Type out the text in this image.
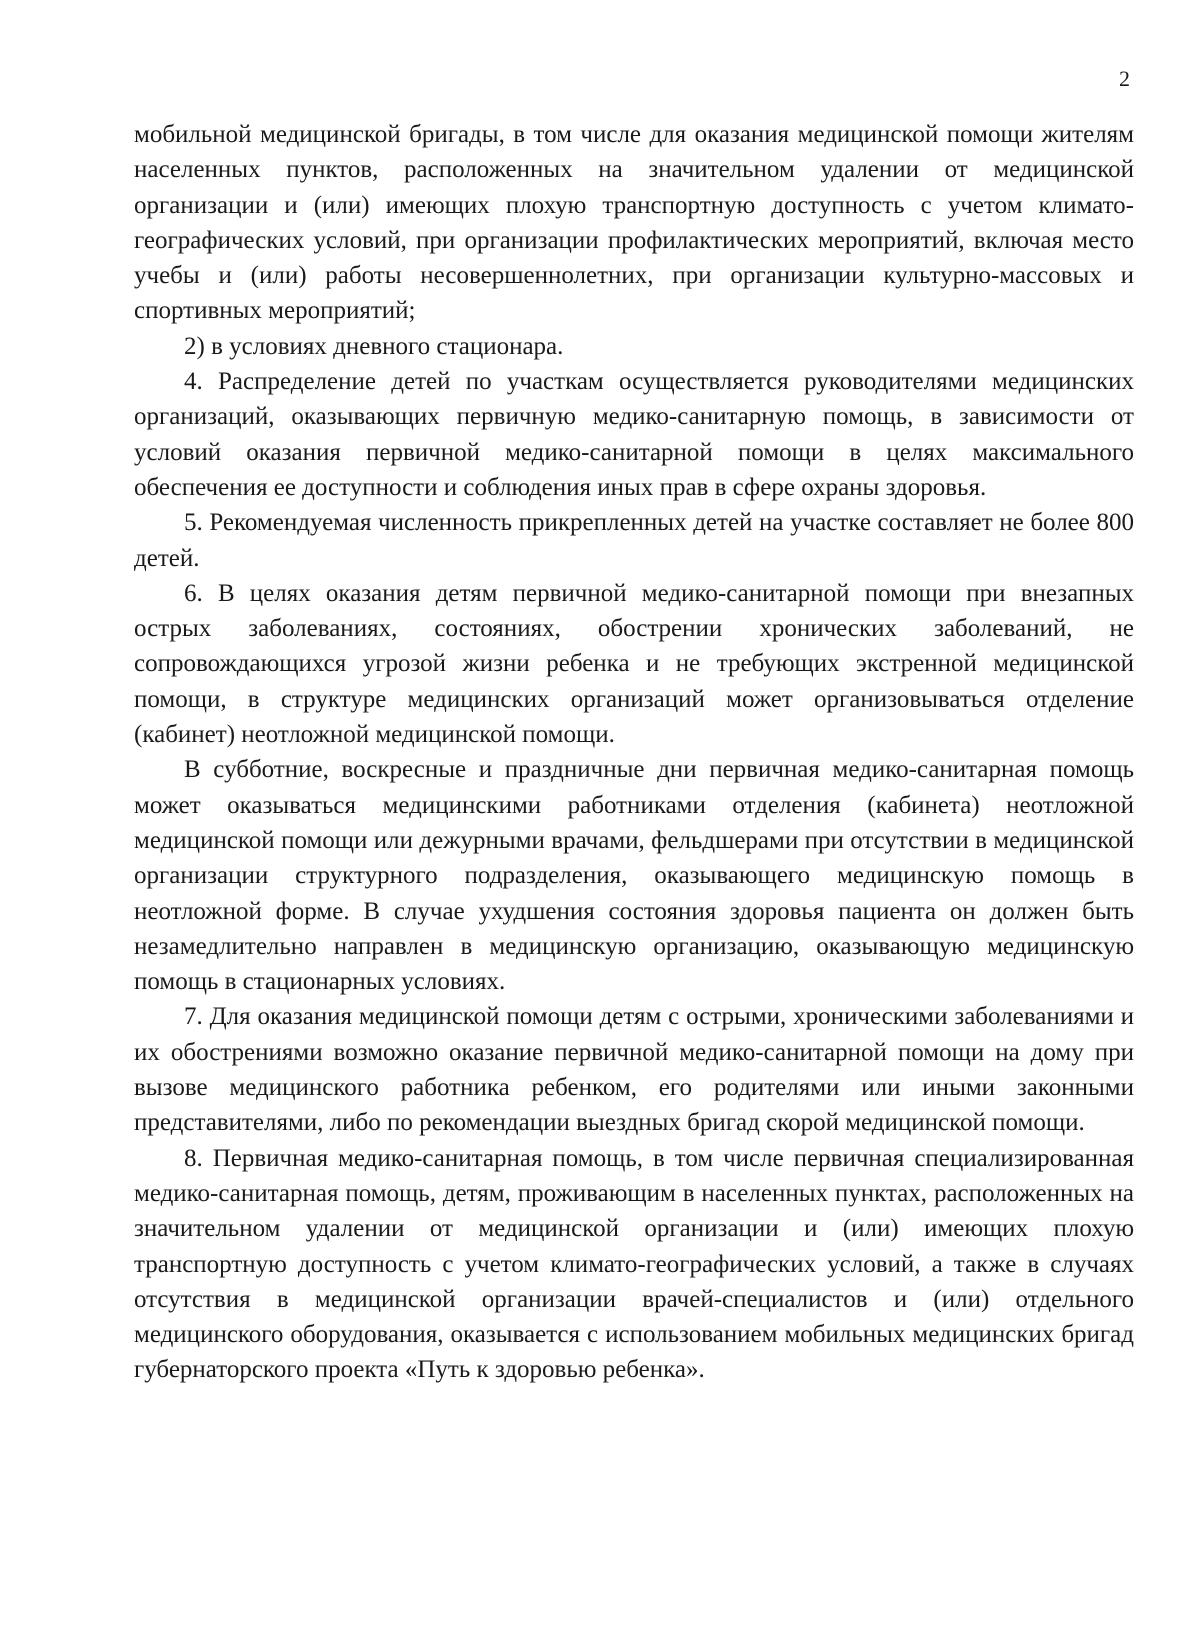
2

мобильной медицинской бригады, в том числе для оказания медицинской помощи жителям населенных пунктов, расположенных на значительном удалении от медицинской организации и (или) имеющих плохую транспортную доступность с учетом климато-географических условий, при организации профилактических мероприятий, включая место учебы и (или) работы несовершеннолетних, при организации культурно-массовых и спортивных мероприятий;

2) в условиях дневного стационара.

4. Распределение детей по участкам осуществляется руководителями медицинских организаций, оказывающих первичную медико-санитарную помощь, в зависимости от условий оказания первичной медико-санитарной помощи в целях максимального обеспечения ее доступности и соблюдения иных прав в сфере охраны здоровья.

5. Рекомендуемая численность прикрепленных детей на участке составляет не более 800 детей.

6. В целях оказания детям первичной медико-санитарной помощи при внезапных острых заболеваниях, состояниях, обострении хронических заболеваний, не сопровождающихся угрозой жизни ребенка и не требующих экстренной медицинской помощи, в структуре медицинских организаций может организовываться отделение (кабинет) неотложной медицинской помощи.

В субботние, воскресные и праздничные дни первичная медико-санитарная помощь может оказываться медицинскими работниками отделения (кабинета) неотложной медицинской помощи или дежурными врачами, фельдшерами при отсутствии в медицинской организации структурного подразделения, оказывающего медицинскую помощь в неотложной форме. В случае ухудшения состояния здоровья пациента он должен быть незамедлительно направлен в медицинскую организацию, оказывающую медицинскую помощь в стационарных условиях.

7. Для оказания медицинской помощи детям с острыми, хроническими заболеваниями и их обострениями возможно оказание первичной медико-санитарной помощи на дому при вызове медицинского работника ребенком, его родителями или иными законными представителями, либо по рекомендации выездных бригад скорой медицинской помощи.

8. Первичная медико-санитарная помощь, в том числе первичная специализированная медико-санитарная помощь, детям, проживающим в населенных пунктах, расположенных на значительном удалении от медицинской организации и (или) имеющих плохую транспортную доступность с учетом климато-географических условий, а также в случаях отсутствия в медицинской организации врачей-специалистов и (или) отдельного медицинского оборудования, оказывается с использованием мобильных медицинских бригад губернаторского проекта «Путь к здоровью ребенка».
